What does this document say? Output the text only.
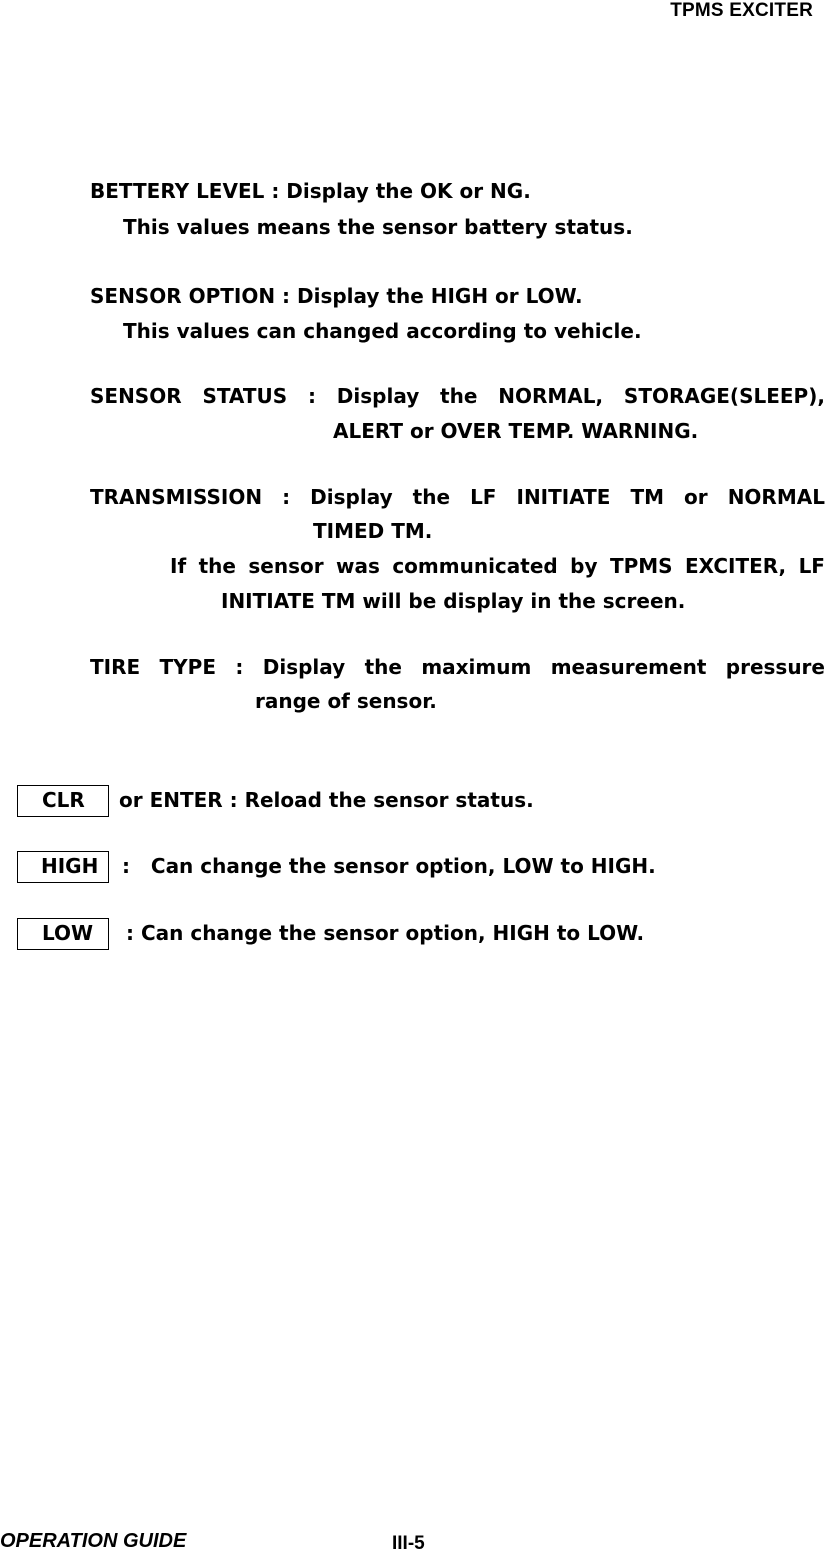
TPMS EXCITER
BETTERY LEVEL : Display the OK or NG.
This values means the sensor battery status.
SENSOR OPTION : Display the HIGH or LOW.
This values can changed according to vehicle.
SENSOR STATUS : Display the NORMAL, STORAGE(SLEEP),
ALERT or OVER TEMP. WARNING.
TRANSMISSION : Display the LF INITIATE TM or NORMAL
TIMED TM.
If the sensor was communicated by TPMS EXCITER, LF
INITIATE TM will be display in the screen.
TIRE TYPE : Display the maximum measurement pressure
range of sensor.
CLR or ENTER : Reload the sensor status.
HIGH :   Can change the sensor option, LOW to HIGH.
LOW : Can change the sensor option, HIGH to LOW.
OPERATION GUIDE	III-5
